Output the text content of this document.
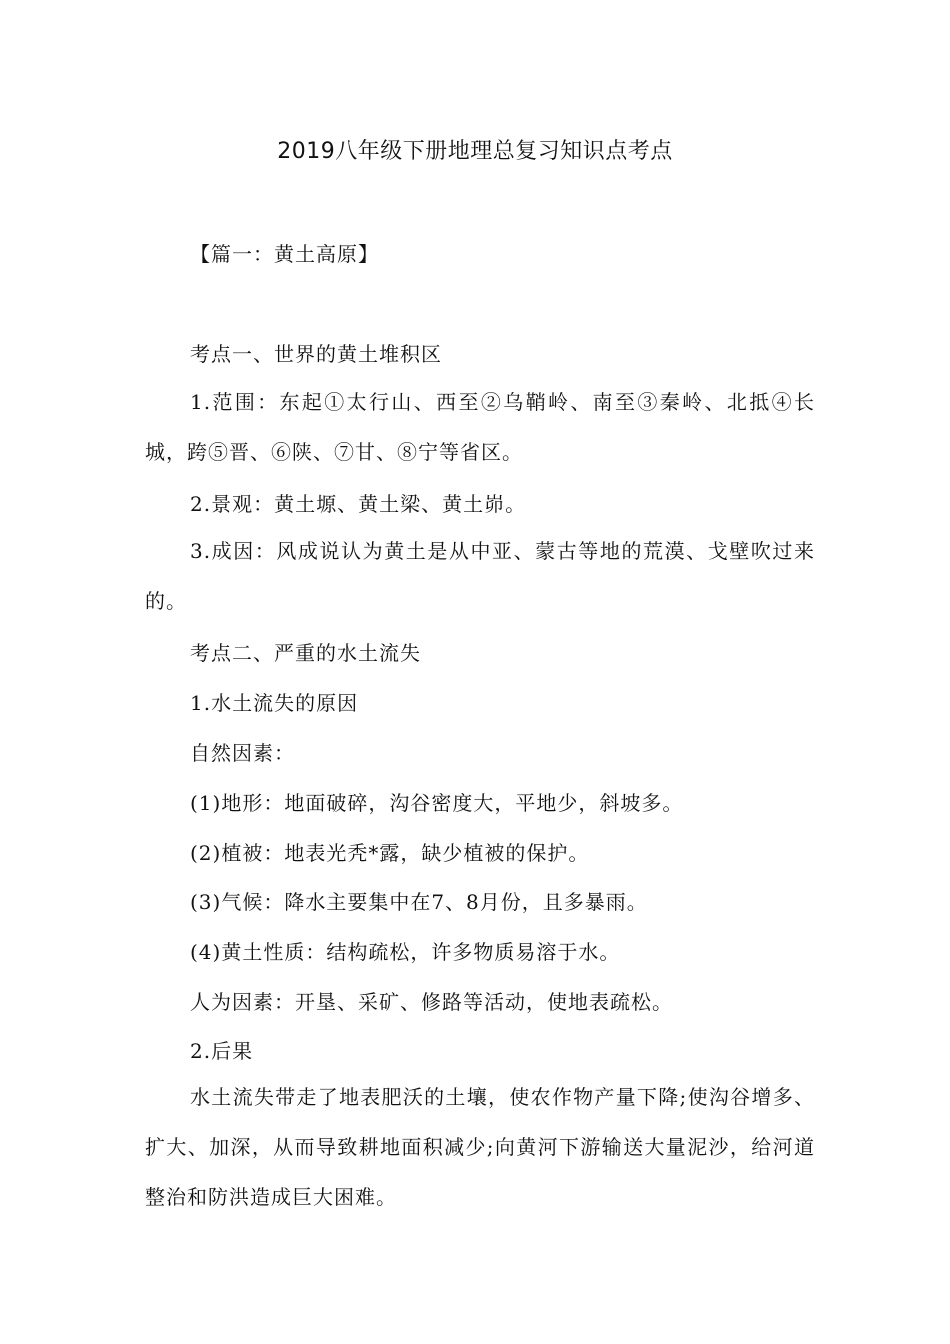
2019八年级下册地理总复习知识点考点
【篇一：黄土高原】
考点一、世界的黄土堆积区
1.范围：东起①太行山、西至②乌鞘岭、南至③秦岭、北抵④长城，跨⑤晋、⑥陕、⑦甘、⑧宁等省区。
2.景观：黄土塬、黄土梁、黄土峁。
3.成因：风成说认为黄土是从中亚、蒙古等地的荒漠、戈壁吹过来的。
考点二、严重的水土流失
1.水土流失的原因
自然因素：
(1)地形：地面破碎，沟谷密度大，平地少，斜坡多。
(2)植被：地表光秃*露，缺少植被的保护。
(3)气候：降水主要集中在7、8月份，且多暴雨。
(4)黄土性质：结构疏松，许多物质易溶于水。
人为因素：开垦、采矿、修路等活动，使地表疏松。
2.后果
水土流失带走了地表肥沃的土壤，使农作物产量下降;使沟谷增多、扩大、加深，从而导致耕地面积减少;向黄河下游输送大量泥沙，给河道整治和防洪造成巨大困难。
